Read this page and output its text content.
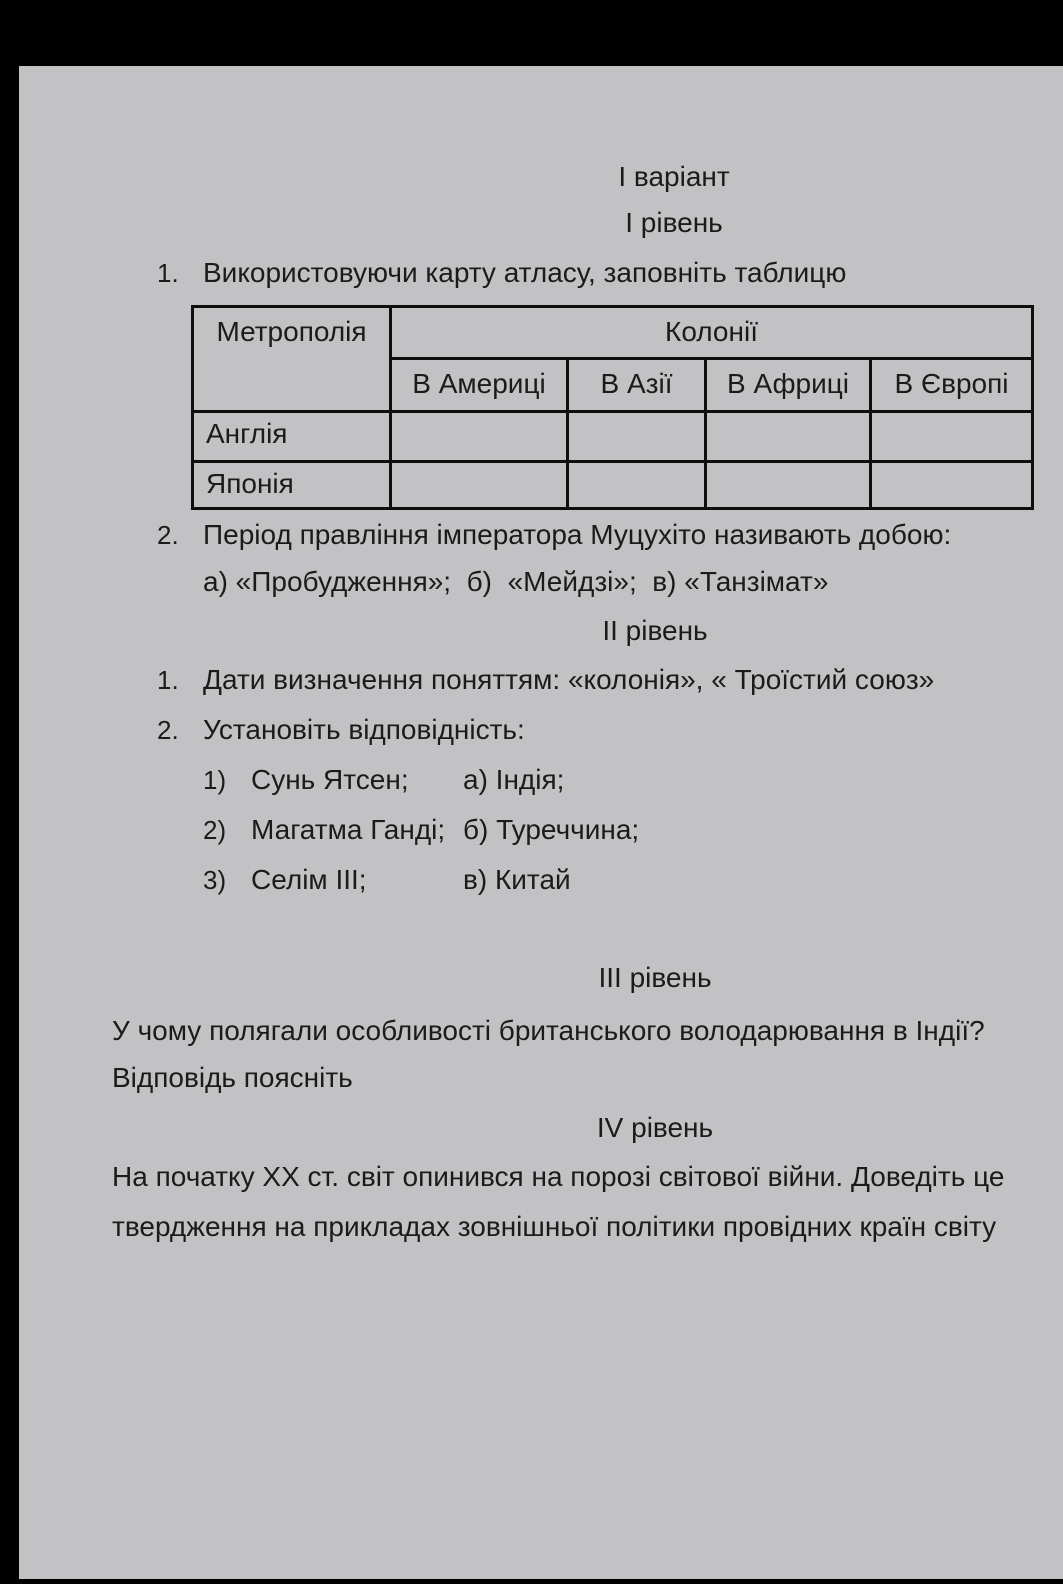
І варіант
І рівень
1. Використовуючи карту атласу, заповніть таблицю
Метрополія	Колонії			
	В Америці	В Азії	В Африці	В Європі
Англія				
Японія				
2. Період правління імператора Муцухіто називають добою:
а) «Пробудження»;  б)  «Мейдзі»;  в) «Танзімат»
ІІ рівень
1. Дати визначення поняттям: «колонія», « Троїстий союз»
2. Установіть відповідність:
1) Сунь Ятсен;	а) Індія;
2) Магатма Ганді; б) Туреччина;
3) Селім III;	в) Китай
ІІІ рівень
У чому полягали особливості британського володарювання в Індії?
Відповідь поясніть
IV рівень
На початку ХХ ст. світ опинився на порозі світової війни. Доведіть це
твердження на прикладах зовнішньої політики провідних країн світу
